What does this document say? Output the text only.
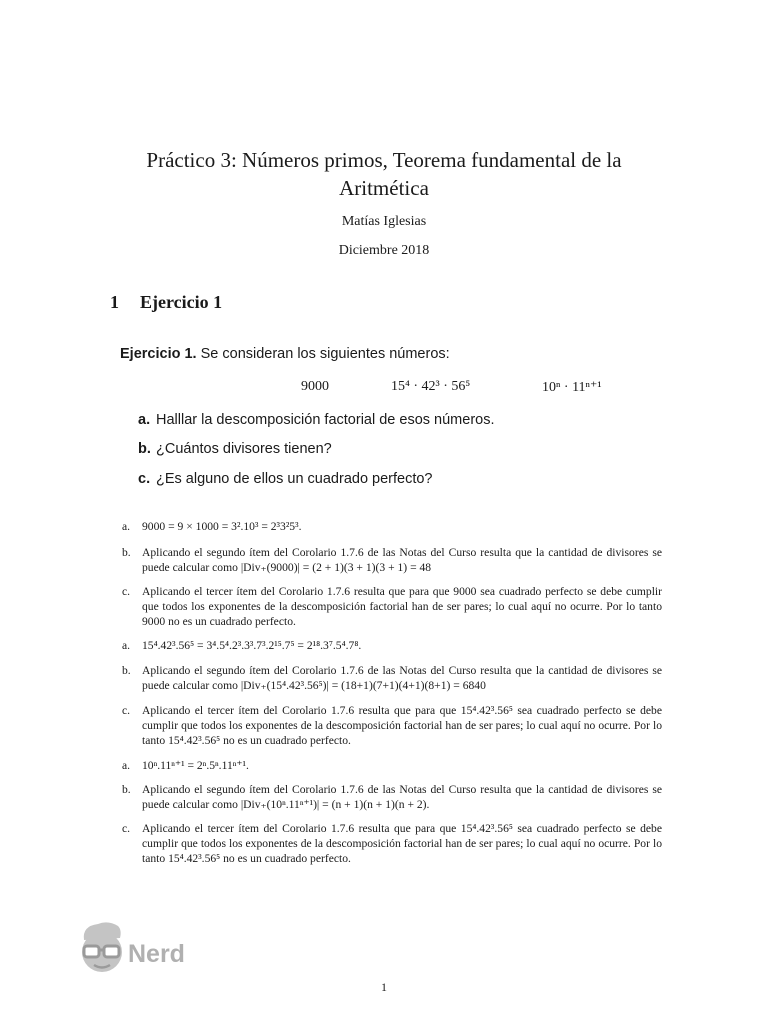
Práctico 3: Números primos, Teorema fundamental de la
Aritmética
Matías Iglesias
Diciembre 2018
1 Ejercicio 1
Ejercicio 1. Se consideran los siguientes números:
9000	15⁴ · 42³ · 56⁵	10ⁿ · 11ⁿ⁺¹
a. Halllar la descomposición factorial de esos números.
b. ¿Cuántos divisores tienen?
c. ¿Es alguno de ellos un cuadrado perfecto?
a. 9000 = 9 × 1000 = 3².10³ = 2³3²5³.
b. Aplicando el segundo ítem del Corolario 1.7.6 de las Notas del Curso resulta que la cantidad de divisores se puede calcular como |Div₊(9000)| = (2 + 1)(3 + 1)(3 + 1) = 48
c. Aplicando el tercer ítem del Corolario 1.7.6 resulta que para que 9000 sea cuadrado perfecto se debe cumplir que todos los exponentes de la descomposición factorial han de ser pares; lo cual aquí no ocurre. Por lo tanto 9000 no es un cuadrado perfecto.
a. 15⁴.42³.56⁵ = 3⁴.5⁴.2³.3³.7³.2¹⁵.7⁵ = 2¹⁸.3⁷.5⁴.7⁸.
b. Aplicando el segundo ítem del Corolario 1.7.6 de las Notas del Curso resulta que la cantidad de divisores se puede calcular como |Div₊(15⁴.42³.56⁵)| = (18+1)(7+1)(4+1)(8+1) = 6840
c. Aplicando el tercer ítem del Corolario 1.7.6 resulta que para que 15⁴.42³.56⁵ sea cuadrado perfecto se debe cumplir que todos los exponentes de la descomposición factorial han de ser pares; lo cual aquí no ocurre. Por lo tanto 15⁴.42³.56⁵ no es un cuadrado perfecto.
a. 10ⁿ.11ⁿ⁺¹ = 2ⁿ.5ⁿ.11ⁿ⁺¹.
b. Aplicando el segundo ítem del Corolario 1.7.6 de las Notas del Curso resulta que la cantidad de divisores se puede calcular como |Div₊(10ⁿ.11ⁿ⁺¹)| = (n + 1)(n + 1)(n + 2).
c. Aplicando el tercer ítem del Corolario 1.7.6 resulta que para que 15⁴.42³.56⁵ sea cuadrado perfecto se debe cumplir que todos los exponentes de la descomposición factorial han de ser pares; lo cual aquí no ocurre. Por lo tanto 15⁴.42³.56⁵ no es un cuadrado perfecto.
Nerd
1
